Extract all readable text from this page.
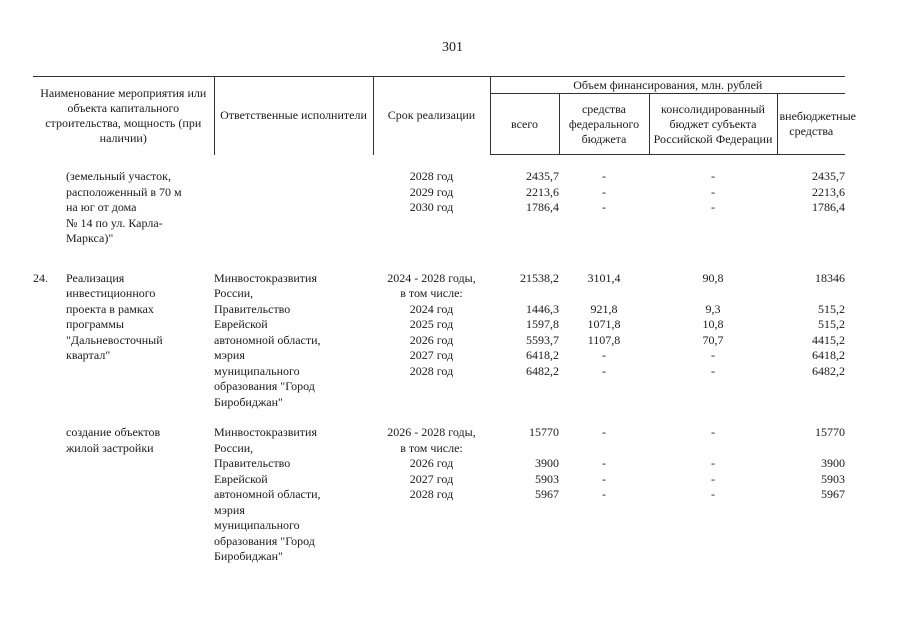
301
Наименование мероприятия или объекта капитального строительства, мощность (при наличии)		Ответственные исполнители	Срок реализации	Объем финансирования, млн. рублей			
				всего	средства федерального бюджета	консолидированный бюджет субъекта Российской Федерации	внебюджетные средства

	(земельный участок,		2028 год	2435,7	-	-	2435,7
	расположенный в 70 м		2029 год	2213,6	-	-	2213,6
	на юг от дома		2030 год	1786,4	-	-	1786,4
	№ 14 по ул. Карла-						
	Маркса)"						

24.	Реализация	Минвостокразвития	2024 - 2028 годы,	21538,2	3101,4	90,8	18346
	инвестиционного	России,	в том числе:				
	проекта в рамках	Правительство	2024 год	1446,3	921,8	9,3	515,2
	программы	Еврейской	2025 год	1597,8	1071,8	10,8	515,2
	"Дальневосточный	автономной области,	2026 год	5593,7	1107,8	70,7	4415,2
	квартал"	мэрия	2027 год	6418,2	-	-	6418,2
		муниципального	2028 год	6482,2	-	-	6482,2
		образования "Город					
		Биробиджан"					

	создание объектов	Минвостокразвития	2026 - 2028 годы,	15770	-	-	15770
	жилой застройки	России,	в том числе:				
		Правительство	2026 год	3900	-	-	3900
		Еврейской	2027 год	5903	-	-	5903
		автономной области,	2028 год	5967	-	-	5967
		мэрия					
		муниципального					
		образования "Город					
		Биробиджан"					
